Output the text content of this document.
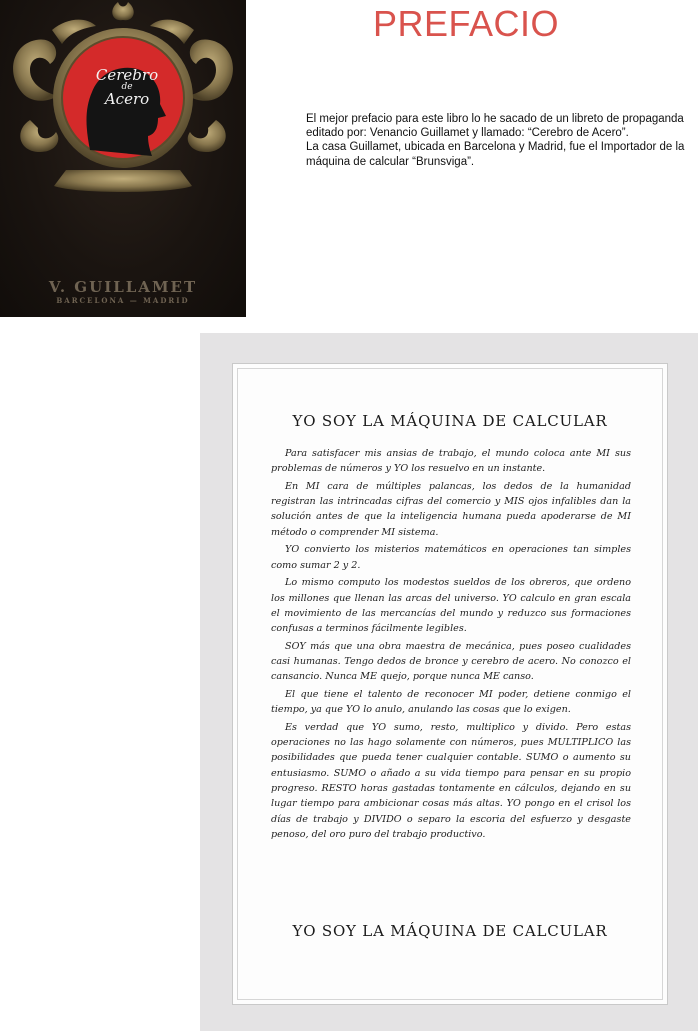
Cerebro
de
Acero
V. GUILLAMET
BARCELONA — MADRID
PREFACIO

El mejor prefacio para este libro lo he sacado de un libreto de propaganda editado por: Venancio Guillamet y llamado: “Cerebro de Acero”.

La casa Guillamet, ubicada en Barcelona y Madrid, fue el Importador de la máquina de calcular “Brunsviga”.

YO SOY LA MÁQUINA DE CALCULAR

Para satisfacer mis ansias de trabajo, el mundo coloca ante MI sus problemas de números y YO los resuelvo en un instante.

En MI cara de múltiples palancas, los dedos de la humanidad registran las intrincadas cifras del comercio y MIS ojos infalibles dan la solución antes de que la inteligencia humana pueda apoderarse de MI método o comprender MI sistema.

YO convierto los misterios matemáticos en operaciones tan simples como sumar 2 y 2.

Lo mismo computo los modestos sueldos de los obreros, que ordeno los millones que llenan las arcas del universo. YO calculo en gran escala el movimiento de las mercancías del mundo y reduzco sus formaciones confusas a terminos fácilmente legibles.

SOY más que una obra maestra de mecánica, pues poseo cualidades casi humanas. Tengo dedos de bronce y cerebro de acero. No conozco el cansancio. Nunca ME quejo, porque nunca ME canso.

El que tiene el talento de reconocer MI poder, detiene conmigo el tiempo, ya que YO lo anulo, anulando las cosas que lo exigen.

Es verdad que YO sumo, resto, multiplico y divido. Pero estas operaciones no las hago solamente con números, pues MULTIPLICO las posibilidades que pueda tener cualquier contable. SUMO o aumento su entusiasmo. SUMO o añado a su vida tiempo para pensar en su propio progreso. RESTO horas gastadas tontamente en cálculos, dejando en su lugar tiempo para ambicionar cosas más altas. YO pongo en el crisol los días de trabajo y DIVIDO o separo la escoria del esfuerzo y desgaste penoso, del oro puro del trabajo productivo.

YO SOY LA MÁQUINA DE CALCULAR
